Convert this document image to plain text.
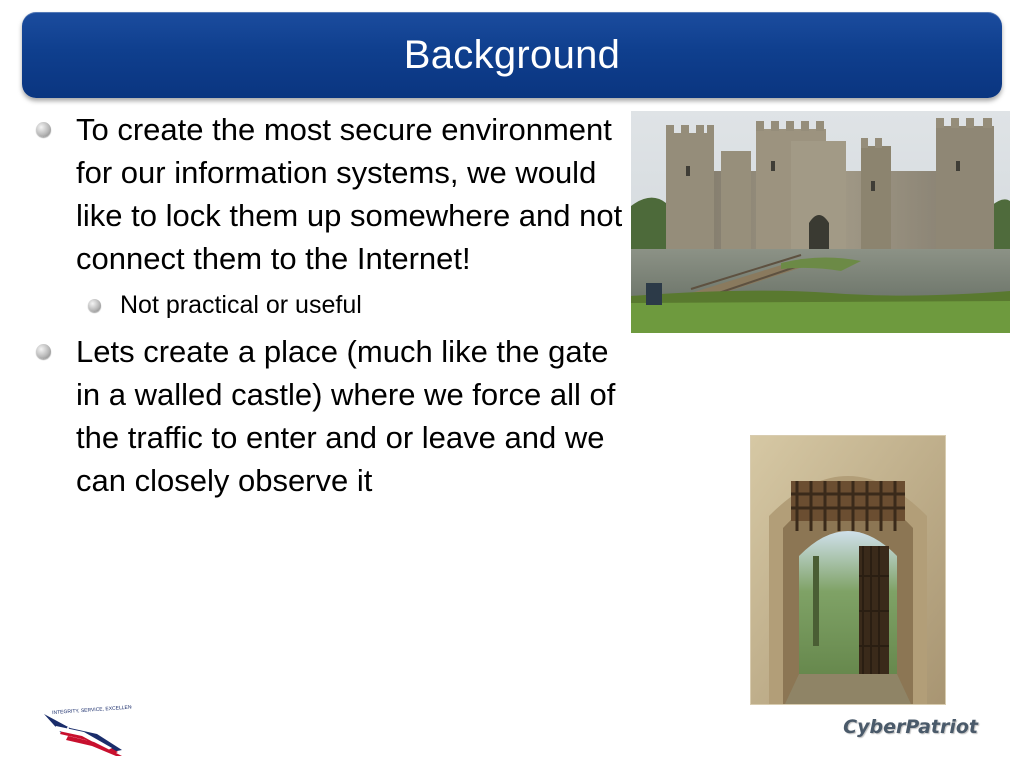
Background
To create the most secure environment for our information systems, we would like to lock them up somewhere and not connect them to the Internet!
Not practical or useful
Lets create a place (much like the gate in a walled castle) where we force all of the traffic to enter and or leave and we can closely observe it
INTEGRITY, SERVICE, EXCELLENCE
CyberPatriot
